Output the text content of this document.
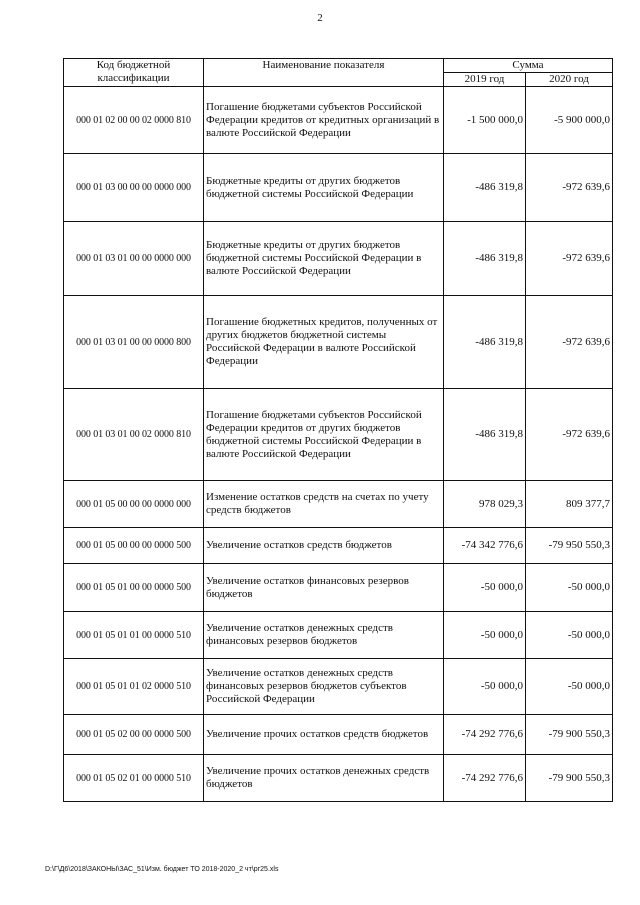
2
Код бюджетной классификации	Наименование показателя	Сумма	
		2019 год	2020 год
000 01 02 00 00 02 0000 810	Погашение бюджетами субъектов Российской Федерации кредитов от кредитных организаций в валюте Российской Федерации	-1 500 000,0	-5 900 000,0
000 01 03 00 00 00 0000 000	Бюджетные кредиты от других бюджетов бюджетной системы Российской Федерации	-486 319,8	-972 639,6
000 01 03 01 00 00 0000 000	Бюджетные кредиты от других бюджетов бюджетной системы Российской Федерации в валюте Российской Федерации	-486 319,8	-972 639,6
000 01 03 01 00 00 0000 800	Погашение бюджетных кредитов, полученных от других бюджетов бюджетной системы Российской Федерации в валюте Российской Федерации	-486 319,8	-972 639,6
000 01 03 01 00 02 0000 810	Погашение бюджетами субъектов Российской Федерации кредитов от других бюджетов бюджетной системы Российской Федерации в валюте Российской Федерации	-486 319,8	-972 639,6
000 01 05 00 00 00 0000 000	Изменение остатков средств на счетах по учету средств бюджетов	978 029,3	809 377,7
000 01 05 00 00 00 0000 500	Увеличение остатков средств бюджетов	-74 342 776,6	-79 950 550,3
000 01 05 01 00 00 0000 500	Увеличение остатков финансовых резервов бюджетов	-50 000,0	-50 000,0
000 01 05 01 01 00 0000 510	Увеличение остатков денежных средств финансовых резервов бюджетов	-50 000,0	-50 000,0
000 01 05 01 01 02 0000 510	Увеличение остатков денежных средств финансовых резервов бюджетов субъектов Российской Федерации	-50 000,0	-50 000,0
000 01 05 02 00 00 0000 500	Увеличение прочих остатков средств бюджетов	-74 292 776,6	-79 900 550,3
000 01 05 02 01 00 0000 510	Увеличение прочих остатков денежных средств бюджетов	-74 292 776,6	-79 900 550,3
D:\Г\Д6\2018\ЗАКОНЫ\ЗАС_51\Изм. бюджет ТО 2018-2020_2 чт\рг25.xls
